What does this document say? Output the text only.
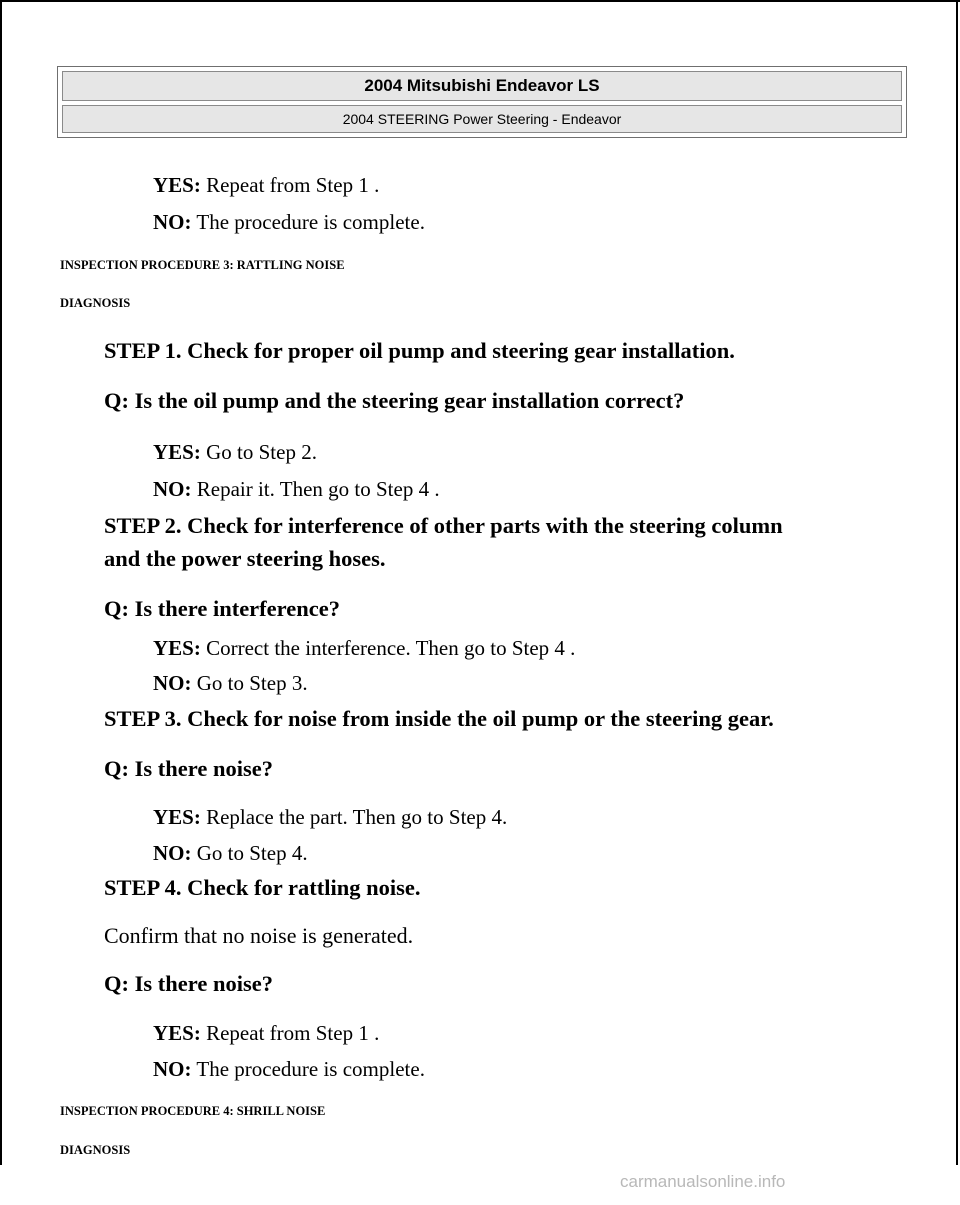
2004 Mitsubishi Endeavor LS
2004 STEERING Power Steering - Endeavor
YES: Repeat from Step 1 .
NO: The procedure is complete.
INSPECTION PROCEDURE 3: RATTLING NOISE
DIAGNOSIS
STEP 1. Check for proper oil pump and steering gear installation.
Q: Is the oil pump and the steering gear installation correct?
YES: Go to Step 2.
NO: Repair it. Then go to Step 4 .
STEP 2. Check for interference of other parts with the steering column
and the power steering hoses.
Q: Is there interference?
YES: Correct the interference. Then go to Step 4 .
NO: Go to Step 3.
STEP 3. Check for noise from inside the oil pump or the steering gear.
Q: Is there noise?
YES: Replace the part. Then go to Step 4.
NO: Go to Step 4.
STEP 4. Check for rattling noise.
Confirm that no noise is generated.
Q: Is there noise?
YES: Repeat from Step 1 .
NO: The procedure is complete.
INSPECTION PROCEDURE 4: SHRILL NOISE
DIAGNOSIS
carmanualsonline.info
